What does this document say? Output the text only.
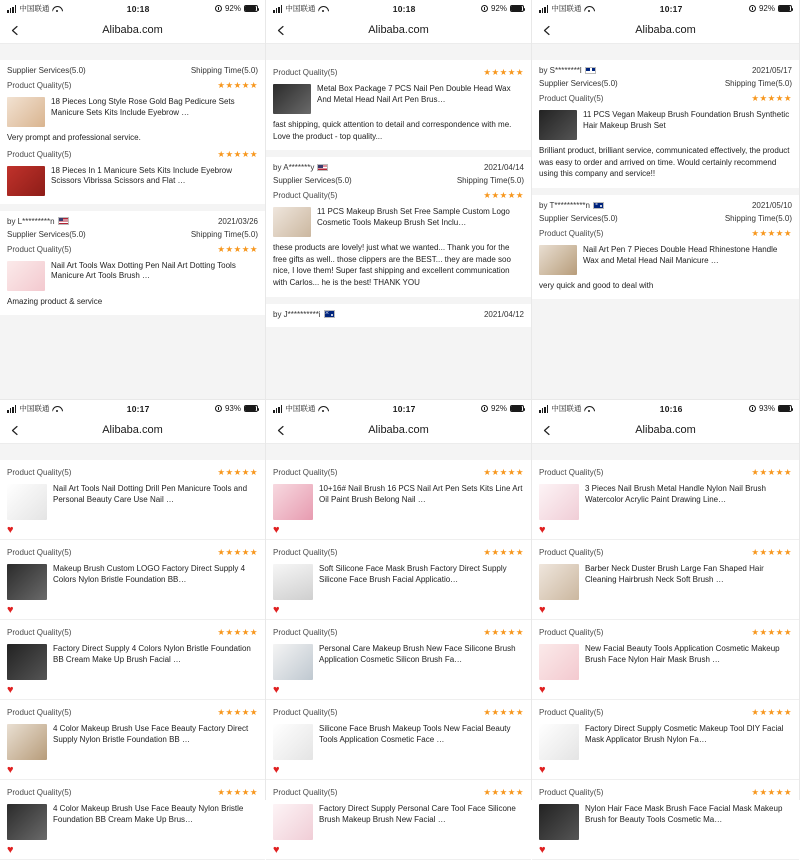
中国联通	10:18	92%
Alibaba.com
Supplier Services(5.0)	Shipping Time(5.0)
Product Quality(5)	★★★★★
18 Pieces Long Style Rose Gold Bag Pedicure Sets Manicure Sets Kits Include Eyebrow …
Very prompt and professional service.
Product Quality(5)	★★★★★
18 Pieces In 1 Manicure Sets Kits Include Eyebrow Scissors Vibrissa Scissors and Flat …
by L*********n	2021/03/26
Supplier Services(5.0)	Shipping Time(5.0)
Product Quality(5)	★★★★★
Nail Art Tools Wax Dotting Pen Nail Art Dotting Tools Manicure Art Tools Brush …
Amazing product & service
中国联通	10:18	92%
Alibaba.com
Product Quality(5)	★★★★★
Metal Box Package 7 PCS Nail Pen Double Head Wax And Metal Head Nail Art Pen Brus…
fast shipping, quick attention to detail and correspondence with me. Love the product - top quality...
by A*******y	2021/04/14
Supplier Services(5.0)	Shipping Time(5.0)
Product Quality(5)	★★★★★
11 PCS Makeup Brush Set Free Sample Custom Logo Cosmetic Tools Makeup Brush Set Inclu…
these products are lovely! just what we wanted... Thank you for the free gifts as well.. those clippers are the BEST... they are made soo nice, I love them! Super fast shipping and excellent communication with Carlos... he is the best! THANK YOU
by J**********i	2021/04/12
中国联通	10:17	92%
Alibaba.com
by S********l	2021/05/17
Supplier Services(5.0)	Shipping Time(5.0)
Product Quality(5)	★★★★★
11 PCS Vegan Makeup Brush Foundation Brush Synthetic Hair Makeup Brush Set
Brilliant product, brilliant service, communicated effectively, the product was easy to order and arrived on time. Would certainly recommend using this company and service!!
by T**********n	2021/05/10
Supplier Services(5.0)	Shipping Time(5.0)
Product Quality(5)	★★★★★
Nail Art Pen 7 Pieces Double Head Rhinestone Handle Wax and Metal Head Nail Manicure …
very quick and good to deal with
中国联通	10:17	93%
Alibaba.com
Product Quality(5)	★★★★★
Nail Art Tools Nail Dotting Drill Pen Manicure Tools and Personal Beauty Care Use Nail …
♥
Product Quality(5)	★★★★★
Makeup Brush Custom LOGO Factory Direct Supply 4 Colors Nylon Bristle Foundation BB…
♥
Product Quality(5)	★★★★★
Factory Direct Supply 4 Colors Nylon Bristle Foundation BB Cream Make Up Brush Facial …
♥
Product Quality(5)	★★★★★
4 Color Makeup Brush Use Face Beauty Factory Direct Supply Nylon Bristle Foundation BB …
♥
Product Quality(5)	★★★★★
4 Color Makeup Brush Use Face Beauty Nylon Bristle Foundation BB Cream Make Up Brus…
♥
中国联通	10:17	92%
Alibaba.com
Product Quality(5)	★★★★★
10+16# Nail Brush 16 PCS Nail Art Pen Sets Kits Line Art Oil Paint Brush Belong Nail …
♥
Product Quality(5)	★★★★★
Soft Silicone Face Mask Brush Factory Direct Supply Silicone Face Brush Facial Applicatio…
♥
Product Quality(5)	★★★★★
Personal Care Makeup Brush New Face Silicone Brush Application Cosmetic Silicon Brush Fa…
♥
Product Quality(5)	★★★★★
Silicone Face Brush Makeup Tools New Facial Beauty Tools Application Cosmetic Face …
♥
Product Quality(5)	★★★★★
Factory Direct Supply Personal Care Tool Face Silicone Brush Makeup Brush New Facial …
♥
中国联通	10:16	93%
Alibaba.com
Product Quality(5)	★★★★★
3 Pieces Nail Brush Metal Handle Nylon Nail Brush Watercolor Acrylic Paint Drawing Line…
♥
Product Quality(5)	★★★★★
Barber Neck Duster Brush Large Fan Shaped Hair Cleaning Hairbrush Neck Soft Brush …
♥
Product Quality(5)	★★★★★
New Facial Beauty Tools Application Cosmetic Makeup Brush Face Nylon Hair Mask Brush …
♥
Product Quality(5)	★★★★★
Factory Direct Supply Cosmetic Makeup Tool DIY Facial Mask Applicator Brush Nylon Fa…
♥
Product Quality(5)	★★★★★
Nylon Hair Face Mask Brush Face Facial Mask Makeup Brush for Beauty Tools Cosmetic Ma…
♥
